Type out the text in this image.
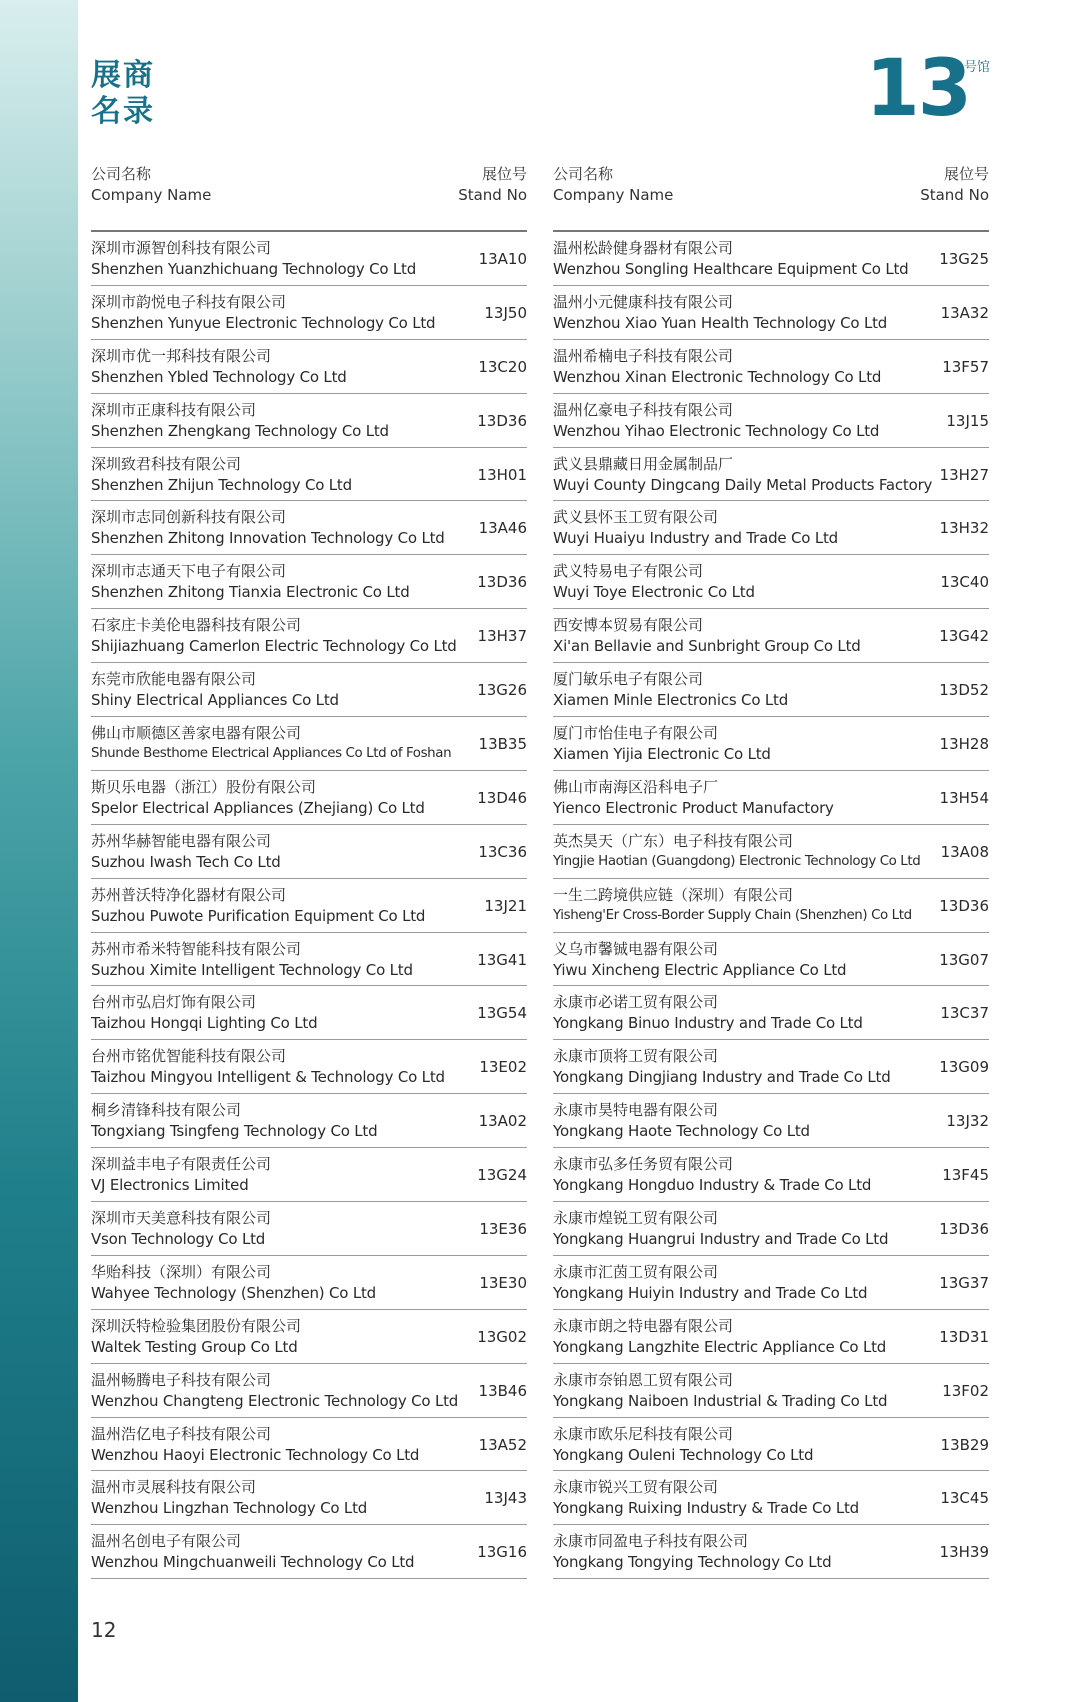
展商
名录	13
号馆
公司名称
Company Name
展位号
Stand No
深圳市源智创科技有限公司
Shenzhen Yuanzhichuang Technology Co Ltd
13A10
深圳市韵悦电子科技有限公司
Shenzhen Yunyue Electronic Technology Co Ltd
13J50
深圳市优一邦科技有限公司
Shenzhen Ybled Technology Co Ltd
13C20
深圳市正康科技有限公司
Shenzhen Zhengkang Technology Co Ltd
13D36
深圳致君科技有限公司
Shenzhen Zhijun Technology Co Ltd
13H01
深圳市志同创新科技有限公司
Shenzhen Zhitong Innovation Technology Co Ltd
13A46
深圳市志通天下电子有限公司
Shenzhen Zhitong Tianxia Electronic Co Ltd
13D36
石家庄卡美伦电器科技有限公司
Shijiazhuang Camerlon Electric Technology Co Ltd
13H37
东莞市欣能电器有限公司
Shiny Electrical Appliances Co Ltd
13G26
佛山市顺德区善家电器有限公司
Shunde Besthome Electrical Appliances Co Ltd of Foshan
13B35
斯贝乐电器（浙江）股份有限公司
Spelor Electrical Appliances (Zhejiang) Co Ltd
13D46
苏州华赫智能电器有限公司
Suzhou Iwash Tech Co Ltd
13C36
苏州普沃特净化器材有限公司
Suzhou Puwote Purification Equipment Co Ltd
13J21
苏州市希米特智能科技有限公司
Suzhou Ximite Intelligent Technology Co Ltd
13G41
台州市弘启灯饰有限公司
Taizhou Hongqi Lighting Co Ltd
13G54
台州市铭优智能科技有限公司
Taizhou Mingyou Intelligent & Technology Co Ltd
13E02
桐乡清锋科技有限公司
Tongxiang Tsingfeng Technology Co Ltd
13A02
深圳益丰电子有限责任公司
VJ Electronics Limited
13G24
深圳市天美意科技有限公司
Vson Technology Co Ltd
13E36
华贻科技（深圳）有限公司
Wahyee Technology (Shenzhen) Co Ltd
13E30
深圳沃特检验集团股份有限公司
Waltek Testing Group Co Ltd
13G02
温州畅腾电子科技有限公司
Wenzhou Changteng Electronic Technology Co Ltd
13B46
温州浩亿电子科技有限公司
Wenzhou Haoyi Electronic Technology Co Ltd
13A52
温州市灵展科技有限公司
Wenzhou Lingzhan Technology Co Ltd
13J43
温州名创电子有限公司
Wenzhou Mingchuanweili Technology Co Ltd
13G16
公司名称
Company Name
展位号
Stand No
温州松龄健身器材有限公司
Wenzhou Songling Healthcare Equipment Co Ltd
13G25
温州小元健康科技有限公司
Wenzhou Xiao Yuan Health Technology Co Ltd
13A32
温州希楠电子科技有限公司
Wenzhou Xinan Electronic Technology Co Ltd
13F57
温州亿豪电子科技有限公司
Wenzhou Yihao Electronic Technology Co Ltd
13J15
武义县鼎藏日用金属制品厂
Wuyi County Dingcang Daily Metal Products Factory
13H27
武义县怀玉工贸有限公司
Wuyi Huaiyu Industry and Trade Co Ltd
13H32
武义特易电子有限公司
Wuyi Toye Electronic Co Ltd
13C40
西安博本贸易有限公司
Xi'an Bellavie and Sunbright Group Co Ltd
13G42
厦门敏乐电子有限公司
Xiamen Minle Electronics Co Ltd
13D52
厦门市怡佳电子有限公司
Xiamen Yijia Electronic Co Ltd
13H28
佛山市南海区沿科电子厂
Yienco Electronic Product Manufactory
13H54
英杰昊天（广东）电子科技有限公司
Yingjie Haotian (Guangdong) Electronic Technology Co Ltd
13A08
一生二跨境供应链（深圳）有限公司
Yisheng'Er Cross-Border Supply Chain (Shenzhen) Co Ltd
13D36
义乌市馨铖电器有限公司
Yiwu Xincheng Electric Appliance Co Ltd
13G07
永康市必诺工贸有限公司
Yongkang Binuo Industry and Trade Co Ltd
13C37
永康市顶将工贸有限公司
Yongkang Dingjiang Industry and Trade Co Ltd
13G09
永康市昊特电器有限公司
Yongkang Haote Technology Co Ltd
13J32
永康市弘多任务贸有限公司
Yongkang Hongduo Industry & Trade Co Ltd
13F45
永康市煌锐工贸有限公司
Yongkang Huangrui Industry and Trade Co Ltd
13D36
永康市汇茵工贸有限公司
Yongkang Huiyin Industry and Trade Co Ltd
13G37
永康市朗之特电器有限公司
Yongkang Langzhite Electric Appliance Co Ltd
13D31
永康市奈铂恩工贸有限公司
Yongkang Naiboen Industrial & Trading Co Ltd
13F02
永康市欧乐尼科技有限公司
Yongkang Ouleni Technology Co Ltd
13B29
永康市锐兴工贸有限公司
Yongkang Ruixing Industry & Trade Co Ltd
13C45
永康市同盈电子科技有限公司
Yongkang Tongying Technology Co Ltd
13H39
12
